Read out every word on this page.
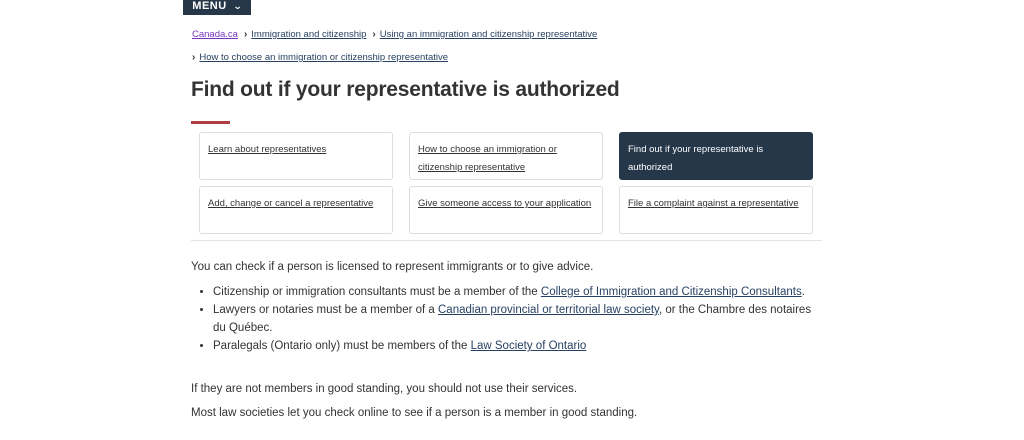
MENU ⌄
Canada.ca › Immigration and citizenship › Using an immigration and citizenship representative
› How to choose an immigration or citizenship representative
Find out if your representative is authorized
Learn about representatives	How to choose an immigration or citizenship representative
Find out if your representative is authorized
Add, change or cancel a representative	Give someone access to your application	File a complaint against a representative

You can check if a person is licensed to represent immigrants or to give advice.

• Citizenship or immigration consultants must be a member of the College of Immigration and Citizenship Consultants.
• Lawyers or notaries must be a member of a Canadian provincial or territorial law society, or the Chambre des notaires du Québec.
• Paralegals (Ontario only) must be members of the Law Society of Ontario

If they are not members in good standing, you should not use their services.

Most law societies let you check online to see if a person is a member in good standing.
